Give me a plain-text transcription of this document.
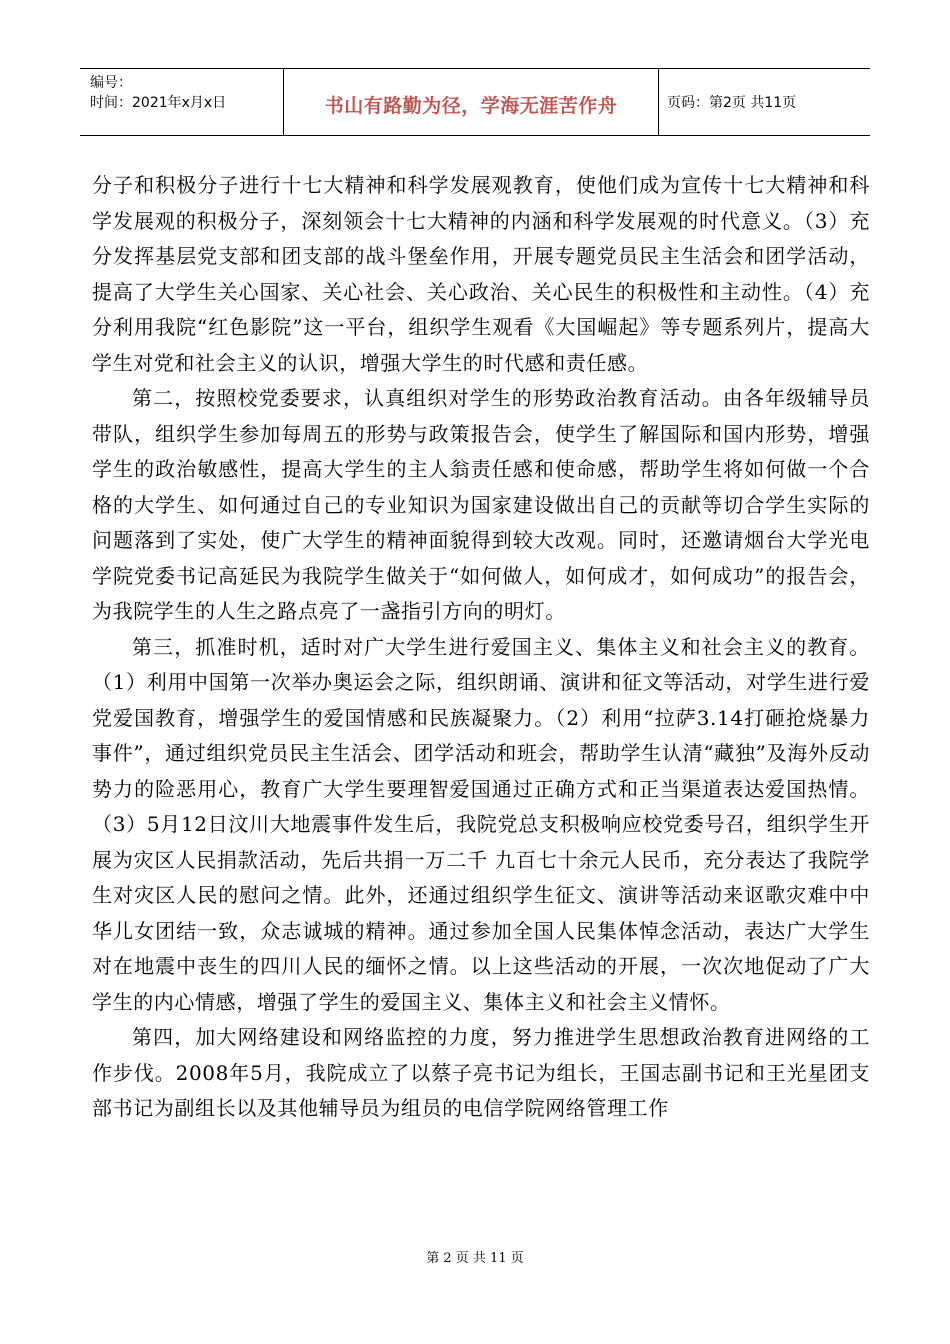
编号：
时间：2021年x月x日	书山有路勤为径，学海无涯苦作舟	页码：第2页 共11页

分子和积极分子进行十七大精神和科学发展观教育，使他们成为宣传十七大精神和科学发展观的积极分子，深刻领会十七大精神的内涵和科学发展观的时代意义。（3）充分发挥基层党支部和团支部的战斗堡垒作用，开展专题党员民主生活会和团学活动，提高了大学生关心国家、关心社会、关心政治、关心民生的积极性和主动性。（4）充分利用我院“红色影院”这一平台，组织学生观看《大国崛起》等专题系列片，提高大学生对党和社会主义的认识，增强大学生的时代感和责任感。

第二，按照校党委要求，认真组织对学生的形势政治教育活动。由各年级辅导员带队，组织学生参加每周五的形势与政策报告会，使学生了解国际和国内形势，增强学生的政治敏感性，提高大学生的主人翁责任感和使命感，帮助学生将如何做一个合格的大学生、如何通过自己的专业知识为国家建设做出自己的贡献等切合学生实际的问题落到了实处，使广大学生的精神面貌得到较大改观。同时，还邀请烟台大学光电学院党委书记高延民为我院学生做关于“如何做人，如何成才，如何成功”的报告会，为我院学生的人生之路点亮了一盏指引方向的明灯。

第三，抓准时机，适时对广大学生进行爱国主义、集体主义和社会主义的教育。（1）利用中国第一次举办奥运会之际，组织朗诵、演讲和征文等活动，对学生进行爱党爱国教育，增强学生的爱国情感和民族凝聚力。（2）利用“拉萨3.14打砸抢烧暴力事件”，通过组织党员民主生活会、团学活动和班会，帮助学生认清“藏独”及海外反动势力的险恶用心，教育广大学生要理智爱国通过正确方式和正当渠道表达爱国热情。（3）5月12日汶川大地震事件发生后，我院党总支积极响应校党委号召，组织学生开展为灾区人民捐款活动，先后共捐一万二千 九百七十余元人民币，充分表达了我院学生对灾区人民的慰问之情。此外，还通过组织学生征文、演讲等活动来讴歌灾难中中华儿女团结一致，众志诚城的精神。通过参加全国人民集体悼念活动，表达广大学生对在地震中丧生的四川人民的缅怀之情。以上这些活动的开展，一次次地促动了广大学生的内心情感，增强了学生的爱国主义、集体主义和社会主义情怀。

第四，加大网络建设和网络监控的力度，努力推进学生思想政治教育进网络的工作步伐。2008年5月，我院成立了以蔡子亮书记为组长，王国志副书记和王光星团支部书记为副组长以及其他辅导员为组员的电信学院网络管理工作

第 2 页 共 11 页
